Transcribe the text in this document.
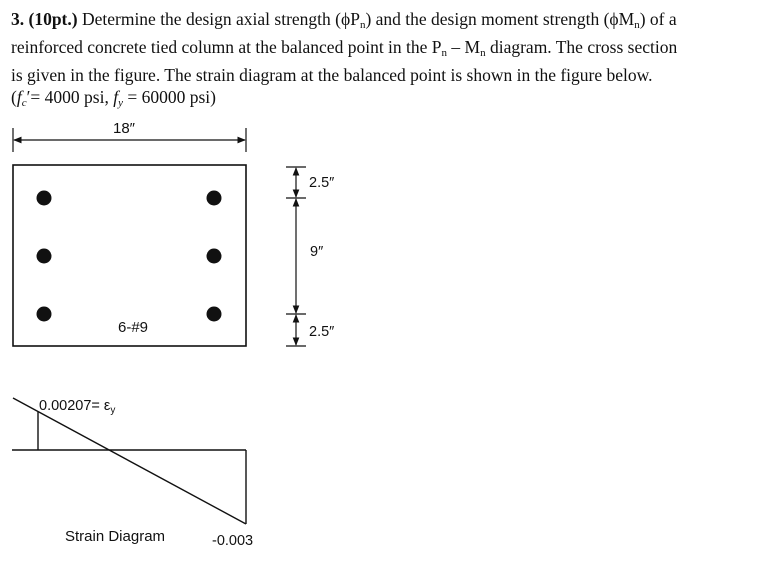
3. (10pt.) Determine the design axial strength $(\phi P_n)$ and the design moment strength $(\phi M_n)$ of a
reinforced concrete tied column at the balanced point in the $P_n - M_n$ diagram. The cross section
is given in the figure. The strain diagram at the balanced point is shown in the figure below.
($f_c'= 4000$ psi, $f_y = 60000$ psi)
18″
6-#9
2.5″
9″
2.5″
$0.00207= \varepsilon_y$
-0.003
Strain Diagram
